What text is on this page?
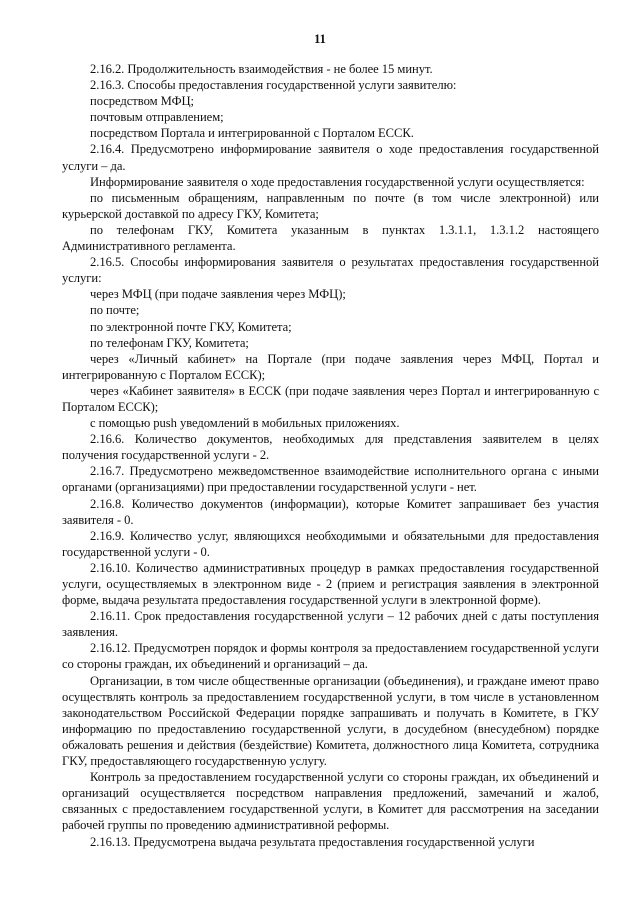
11

2.16.2. Продолжительность взаимодействия - не более 15 минут.

2.16.3. Способы предоставления государственной услуги заявителю:

посредством МФЦ;

почтовым отправлением;

посредством Портала и интегрированной с Порталом ЕССК.

2.16.4. Предусмотрено информирование заявителя о ходе предоставления государственной услуги – да.

Информирование заявителя о ходе предоставления государственной услуги осуществляется:

по письменным обращениям, направленным по почте (в том числе электронной) или курьерской доставкой по адресу ГКУ, Комитета;

по телефонам ГКУ, Комитета указанным в пунктах 1.3.1.1, 1.3.1.2 настоящего Административного регламента.

2.16.5. Способы информирования заявителя о результатах предоставления государственной услуги:

через МФЦ (при подаче заявления через МФЦ);

по почте;

по электронной почте ГКУ, Комитета;

по телефонам ГКУ, Комитета;

через «Личный кабинет» на Портале (при подаче заявления через МФЦ, Портал и интегрированную с Порталом ЕССК);

через «Кабинет заявителя» в ЕССК (при подаче заявления через Портал и интегрированную с Порталом ЕССК);

с помощью push уведомлений в мобильных приложениях.

2.16.6. Количество документов, необходимых для представления заявителем в целях получения государственной услуги - 2.

2.16.7. Предусмотрено межведомственное взаимодействие исполнительного органа с иными органами (организациями) при предоставлении государственной услуги - нет.

2.16.8. Количество документов (информации), которые Комитет запрашивает без участия заявителя - 0.

2.16.9. Количество услуг, являющихся необходимыми и обязательными для предоставления государственной услуги - 0.

2.16.10. Количество административных процедур в рамках предоставления государственной услуги, осуществляемых в электронном виде - 2 (прием и регистрация заявления в электронной форме, выдача результата предоставления государственной услуги в электронной форме).

2.16.11. Срок предоставления государственной услуги – 12 рабочих дней с даты поступления заявления.

2.16.12. Предусмотрен порядок и формы контроля за предоставлением государственной услуги со стороны граждан, их объединений и организаций – да.

Организации, в том числе общественные организации (объединения), и граждане имеют право осуществлять контроль за предоставлением государственной услуги, в том числе в установленном законодательством Российской Федерации порядке запрашивать и получать в Комитете, в ГКУ информацию по предоставлению государственной услуги, в досудебном (внесудебном) порядке обжаловать решения и действия (бездействие) Комитета, должностного лица Комитета, сотрудника ГКУ, предоставляющего государственную услугу.

Контроль за предоставлением государственной услуги со стороны граждан, их объединений и организаций осуществляется посредством направления предложений, замечаний и жалоб, связанных с предоставлением государственной услуги, в Комитет для рассмотрения на заседании рабочей группы по проведению административной реформы.

2.16.13. Предусмотрена выдача результата предоставления государственной услуги
